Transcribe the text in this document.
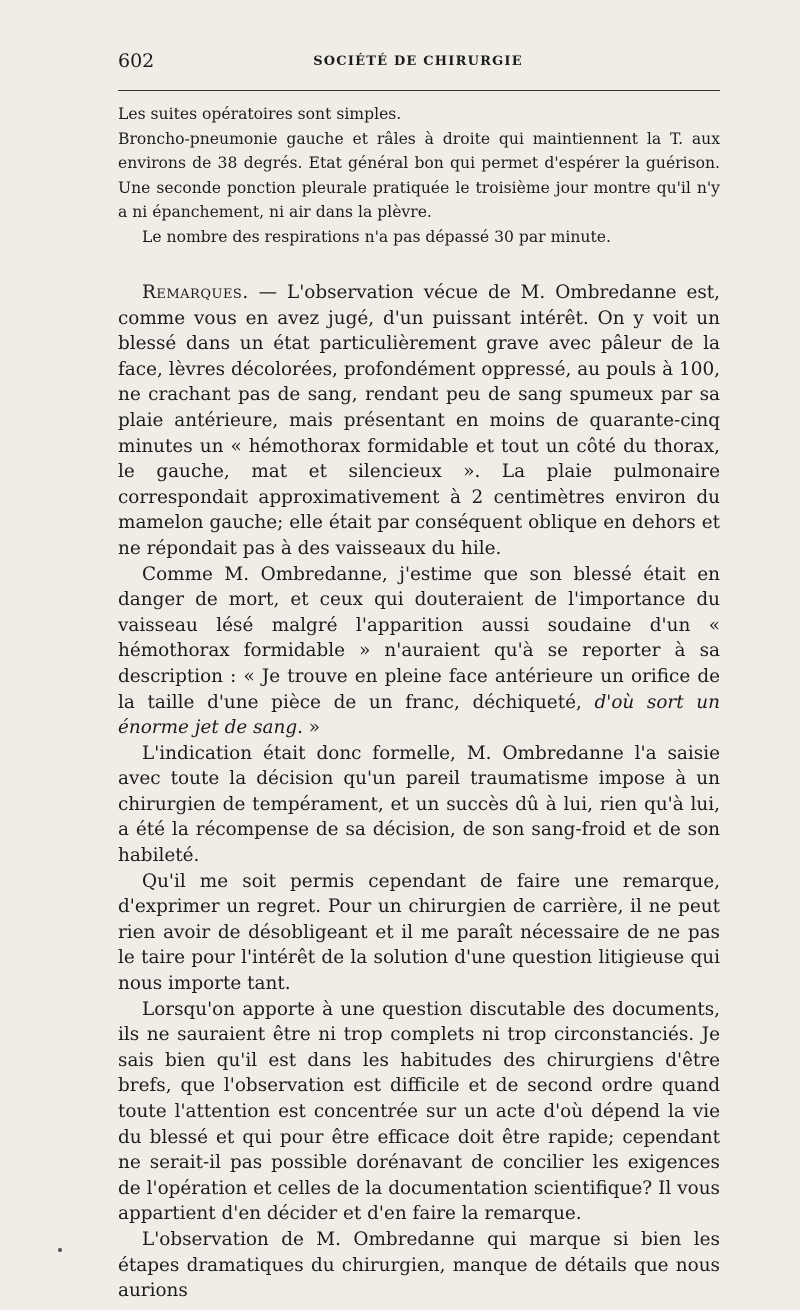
602	SOCIÉTÉ DE CHIRURGIE

Les suites opératoires sont simples.

Broncho-pneumonie gauche et râles à droite qui maintiennent la T. aux environs de 38 degrés. Etat général bon qui permet d'espérer la guérison. Une seconde ponction pleurale pratiquée le troisième jour montre qu'il n'y a ni épanchement, ni air dans la plèvre.

Le nombre des respirations n'a pas dépassé 30 par minute.

Remarques. — L'observation vécue de M. Ombredanne est, comme vous en avez jugé, d'un puissant intérêt. On y voit un blessé dans un état particulièrement grave avec pâleur de la face, lèvres décolorées, profondément oppressé, au pouls à 100, ne crachant pas de sang, rendant peu de sang spumeux par sa plaie antérieure, mais présentant en moins de quarante-cinq minutes un « hémothorax formidable et tout un côté du thorax, le gauche, mat et silencieux ». La plaie pulmonaire correspondait approximativement à 2 centimètres environ du mamelon gauche; elle était par conséquent oblique en dehors et ne répondait pas à des vaisseaux du hile.

Comme M. Ombredanne, j'estime que son blessé était en danger de mort, et ceux qui douteraient de l'importance du vaisseau lésé malgré l'apparition aussi soudaine d'un « hémothorax formidable » n'auraient qu'à se reporter à sa description : « Je trouve en pleine face antérieure un orifice de la taille d'une pièce de un franc, déchiqueté, d'où sort un énorme jet de sang. »

L'indication était donc formelle, M. Ombredanne l'a saisie avec toute la décision qu'un pareil traumatisme impose à un chirurgien de tempérament, et un succès dû à lui, rien qu'à lui, a été la récompense de sa décision, de son sang-froid et de son habileté.

Qu'il me soit permis cependant de faire une remarque, d'exprimer un regret. Pour un chirurgien de carrière, il ne peut rien avoir de désobligeant et il me paraît nécessaire de ne pas le taire pour l'intérêt de la solution d'une question litigieuse qui nous importe tant.

Lorsqu'on apporte à une question discutable des documents, ils ne sauraient être ni trop complets ni trop circonstanciés. Je sais bien qu'il est dans les habitudes des chirurgiens d'être brefs, que l'observation est difficile et de second ordre quand toute l'attention est concentrée sur un acte d'où dépend la vie du blessé et qui pour être efficace doit être rapide; cependant ne serait-il pas possible dorénavant de concilier les exigences de l'opération et celles de la documentation scientifique? Il vous appartient d'en décider et d'en faire la remarque.

L'observation de M. Ombredanne qui marque si bien les étapes dramatiques du chirurgien, manque de détails que nous aurions
